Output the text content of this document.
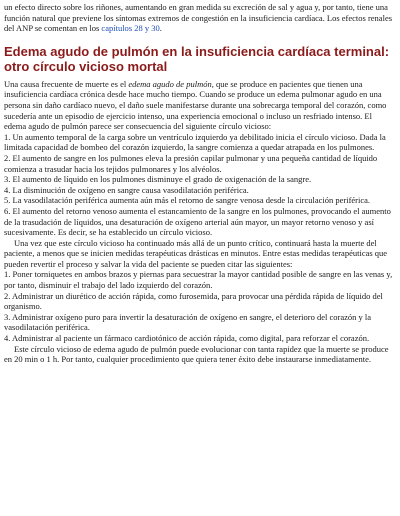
un efecto directo sobre los riñones, aumentando en gran medida su excreción de sal y agua y, por tanto, tiene una función natural que previene los síntomas extremos de congestión en la insuficiencia cardíaca. Los efectos renales del ANP se comentan en los capítulos 28 y 30.

Edema agudo de pulmón en la insuficiencia cardíaca terminal: otro círculo vicioso mortal

Una causa frecuente de muerte es el edema agudo de pulmón, que se produce en pacientes que tienen una insuficiencia cardíaca crónica desde hace mucho tiempo. Cuando se produce un edema pulmonar agudo en una persona sin daño cardíaco nuevo, el daño suele manifestarse durante una sobrecarga temporal del corazón, como sucedería ante un episodio de ejercicio intenso, una experiencia emocional o incluso un resfriado intenso. El edema agudo de pulmón parece ser consecuencia del siguiente círculo vicioso:

1. Un aumento temporal de la carga sobre un ventrículo izquierdo ya debilitado inicia el círculo vicioso. Dada la limitada capacidad de bombeo del corazón izquierdo, la sangre comienza a quedar atrapada en los pulmones.

2. El aumento de sangre en los pulmones eleva la presión capilar pulmonar y una pequeña cantidad de líquido comienza a trasudar hacia los tejidos pulmonares y los alvéolos.

3. El aumento de líquido en los pulmones disminuye el grado de oxigenación de la sangre.

4. La disminución de oxígeno en sangre causa vasodilatación periférica.

5. La vasodilatación periférica aumenta aún más el retorno de sangre venosa desde la circulación periférica.

6. El aumento del retorno venoso aumenta el estancamiento de la sangre en los pulmones, provocando el aumento de la trasudación de líquidos, una desaturación de oxígeno arterial aún mayor, un mayor retorno venoso y así sucesivamente. Es decir, se ha establecido un círculo vicioso.

Una vez que este círculo vicioso ha continuado más allá de un punto crítico, continuará hasta la muerte del paciente, a menos que se inicien medidas terapéuticas drásticas en minutos. Entre estas medidas terapéuticas que pueden revertir el proceso y salvar la vida del paciente se pueden citar las siguientes:

1. Poner torniquetes en ambos brazos y piernas para secuestrar la mayor cantidad posible de sangre en las venas y, por tanto, disminuir el trabajo del lado izquierdo del corazón.

2. Administrar un diurético de acción rápida, como furosemida, para provocar una pérdida rápida de líquido del organismo.

3. Administrar oxígeno puro para invertir la desaturación de oxígeno en sangre, el deterioro del corazón y la vasodilatación periférica.

4. Administrar al paciente un fármaco cardiotónico de acción rápida, como digital, para reforzar el corazón.

Este círculo vicioso de edema agudo de pulmón puede evolucionar con tanta rapidez que la muerte se produce en 20 min o 1 h. Por tanto, cualquier procedimiento que quiera tener éxito debe instaurarse inmediatamente.
